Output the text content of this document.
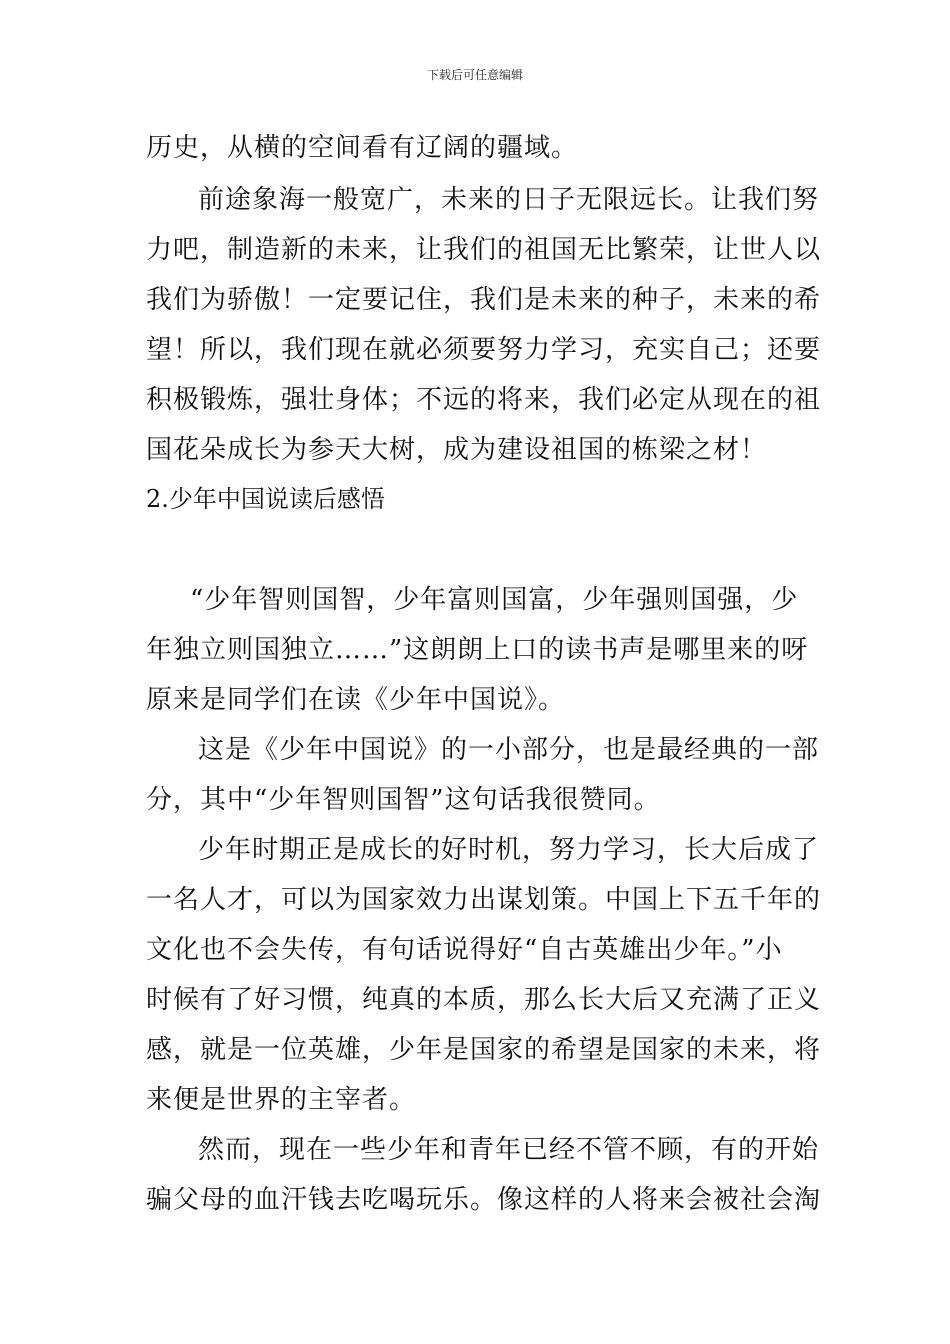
下载后可任意编辑
历史，从横的空间看有辽阔的疆域。
前途象海一般宽广，未来的日子无限远长。让我们努
力吧，制造新的未来，让我们的祖国无比繁荣，让世人以
我们为骄傲！一定要记住，我们是未来的种子，未来的希
望！所以，我们现在就必须要努力学习，充实自己；还要
积极锻炼，强壮身体；不远的将来，我们必定从现在的祖
国花朵成长为参天大树，成为建设祖国的栋梁之材！
2.少年中国说读后感悟
“少年智则国智，少年富则国富，少年强则国强，少
年独立则国独立……”这朗朗上口的读书声是哪里来的呀
原来是同学们在读《少年中国说》。
这是《少年中国说》的一小部分，也是最经典的一部
分，其中“少年智则国智”这句话我很赞同。
少年时期正是成长的好时机，努力学习，长大后成了
一名人才，可以为国家效力出谋划策。中国上下五千年的
文化也不会失传，有句话说得好“自古英雄出少年。”小
时候有了好习惯，纯真的本质，那么长大后又充满了正义
感，就是一位英雄，少年是国家的希望是国家的未来，将
来便是世界的主宰者。
然而，现在一些少年和青年已经不管不顾，有的开始
骗父母的血汗钱去吃喝玩乐。像这样的人将来会被社会淘
